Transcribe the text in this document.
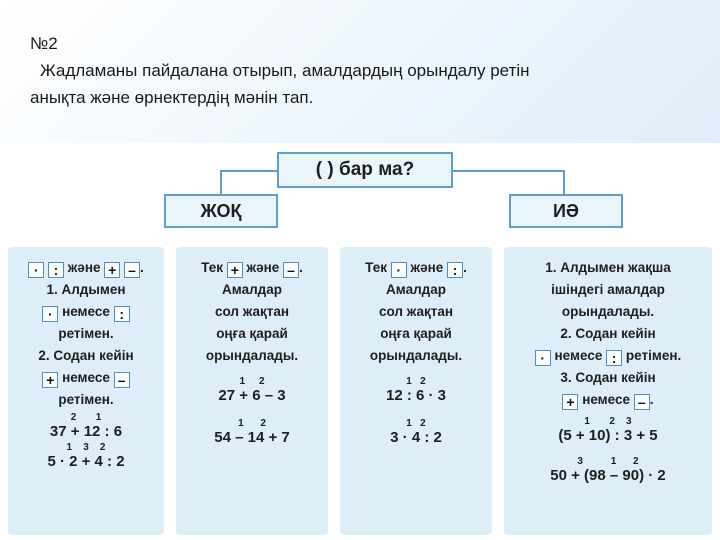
№2
Жадламаны пайдалана отырып, амалдардың орындалу ретін
анықта және өрнектердің мәнін тап.
( ) бар ма?
ЖОҚ	ИӘ
· : және + – .
1. Алдымен
· немесе :
ретімен.
2. Содан кейін
+ немесе –
ретімен.
2       1
37 + 12 : 6
1    3    2
5 · 2 + 4 : 2
Тек + және – .
Амалдар
сол жақтан
оңға қарай
орындалады.
1     2
27 + 6 – 3
1      2
54 – 14 + 7
Тек · және : .
Амалдар
сол жақтан
оңға қарай
орындалады.
1   2
12 : 6 · 3
1   2
3 · 4 : 2
1. Алдымен жақша
ішіндегі амалдар
орындалады.
2. Содан кейін
· немесе : ретімен.
3. Содан кейін
+ немесе – .
1       2    3
(5 + 10) : 3 + 5
3          1      2
50 + (98 – 90) · 2
